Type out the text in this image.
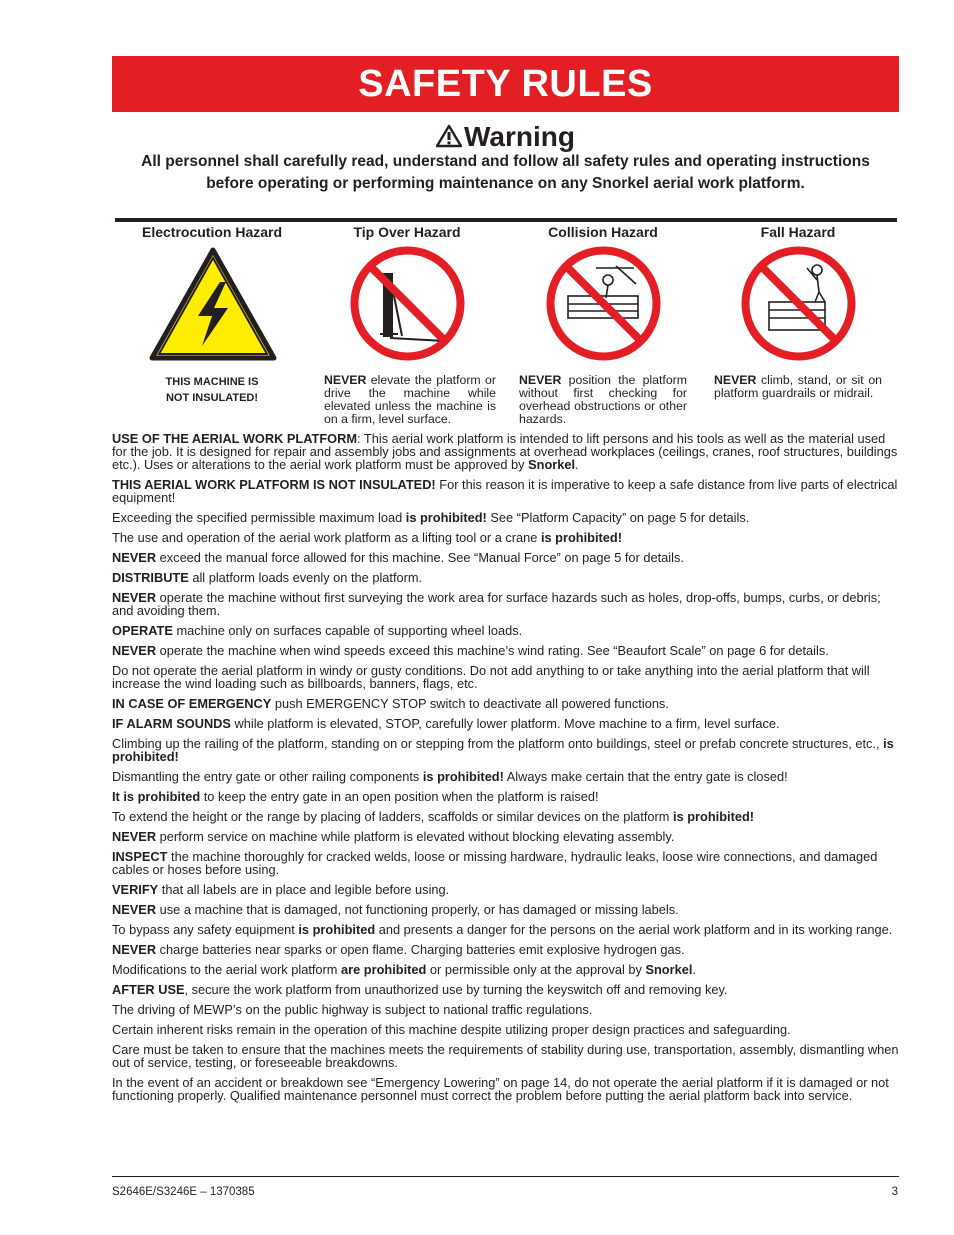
SAFETY RULES
Warning
All personnel shall carefully read, understand and follow all safety rules and operating instructions
before operating or performing maintenance on any Snorkel aerial work platform.
Electrocution Hazard
THIS MACHINE IS
NOT INSULATED!
Tip Over Hazard
NEVER elevate the platform or drive the machine while elevated unless the machine is on a firm, level surface.
Collision Hazard
NEVER position the platform without first checking for overhead obstructions or other hazards.
Fall Hazard
NEVER climb, stand, or sit on platform guardrails or midrail.

USE OF THE AERIAL WORK PLATFORM: This aerial work platform is intended to lift persons and his tools as well as the material used for the job. It is designed for repair and assembly jobs and assignments at overhead workplaces (ceilings, cranes, roof structures, buildings etc.). Uses or alterations to the aerial work platform must be approved by Snorkel.

THIS AERIAL WORK PLATFORM IS NOT INSULATED! For this reason it is imperative to keep a safe distance from live parts of electrical equipment!

Exceeding the specified permissible maximum load is prohibited! See “Platform Capacity” on page 5 for details.

The use and operation of the aerial work platform as a lifting tool or a crane is prohibited!

NEVER exceed the manual force allowed for this machine. See “Manual Force” on page 5 for details.

DISTRIBUTE all platform loads evenly on the platform.

NEVER operate the machine without first surveying the work area for surface hazards such as holes, drop-offs, bumps, curbs, or debris; and avoiding them.

OPERATE machine only on surfaces capable of supporting wheel loads.

NEVER operate the machine when wind speeds exceed this machine’s wind rating. See “Beaufort Scale” on page 6 for details.

Do not operate the aerial platform in windy or gusty conditions. Do not add anything to or take anything into the aerial platform that will increase the wind loading such as billboards, banners, flags, etc.

IN CASE OF EMERGENCY push EMERGENCY STOP switch to deactivate all powered functions.

IF ALARM SOUNDS while platform is elevated, STOP, carefully lower platform. Move machine to a firm, level surface.

Climbing up the railing of the platform, standing on or stepping from the platform onto buildings, steel or prefab concrete structures, etc., is prohibited!

Dismantling the entry gate or other railing components is prohibited! Always make certain that the entry gate is closed!

It is prohibited to keep the entry gate in an open position when the platform is raised!

To extend the height or the range by placing of ladders, scaffolds or similar devices on the platform is prohibited!

NEVER perform service on machine while platform is elevated without blocking elevating assembly.

INSPECT the machine thoroughly for cracked welds, loose or missing hardware, hydraulic leaks, loose wire connections, and damaged cables or hoses before using.

VERIFY that all labels are in place and legible before using.

NEVER use a machine that is damaged, not functioning properly, or has damaged or missing labels.

To bypass any safety equipment is prohibited and presents a danger for the persons on the aerial work platform and in its working range.

NEVER charge batteries near sparks or open flame. Charging batteries emit explosive hydrogen gas.

Modifications to the aerial work platform are prohibited or permissible only at the approval by Snorkel.

AFTER USE, secure the work platform from unauthorized use by turning the keyswitch off and removing key.

The driving of MEWP’s on the public highway is subject to national traffic regulations.

Certain inherent risks remain in the operation of this machine despite utilizing proper design practices and safeguarding.

Care must be taken to ensure that the machines meets the requirements of stability during use, transportation, assembly, dismantling when out of service, testing, or foreseeable breakdowns.

In the event of an accident or breakdown see “Emergency Lowering” on page 14, do not operate the aerial platform if it is damaged or not functioning properly. Qualified maintenance personnel must correct the problem before putting the aerial platform back into service.

S2646E/S3246E – 1370385	3
